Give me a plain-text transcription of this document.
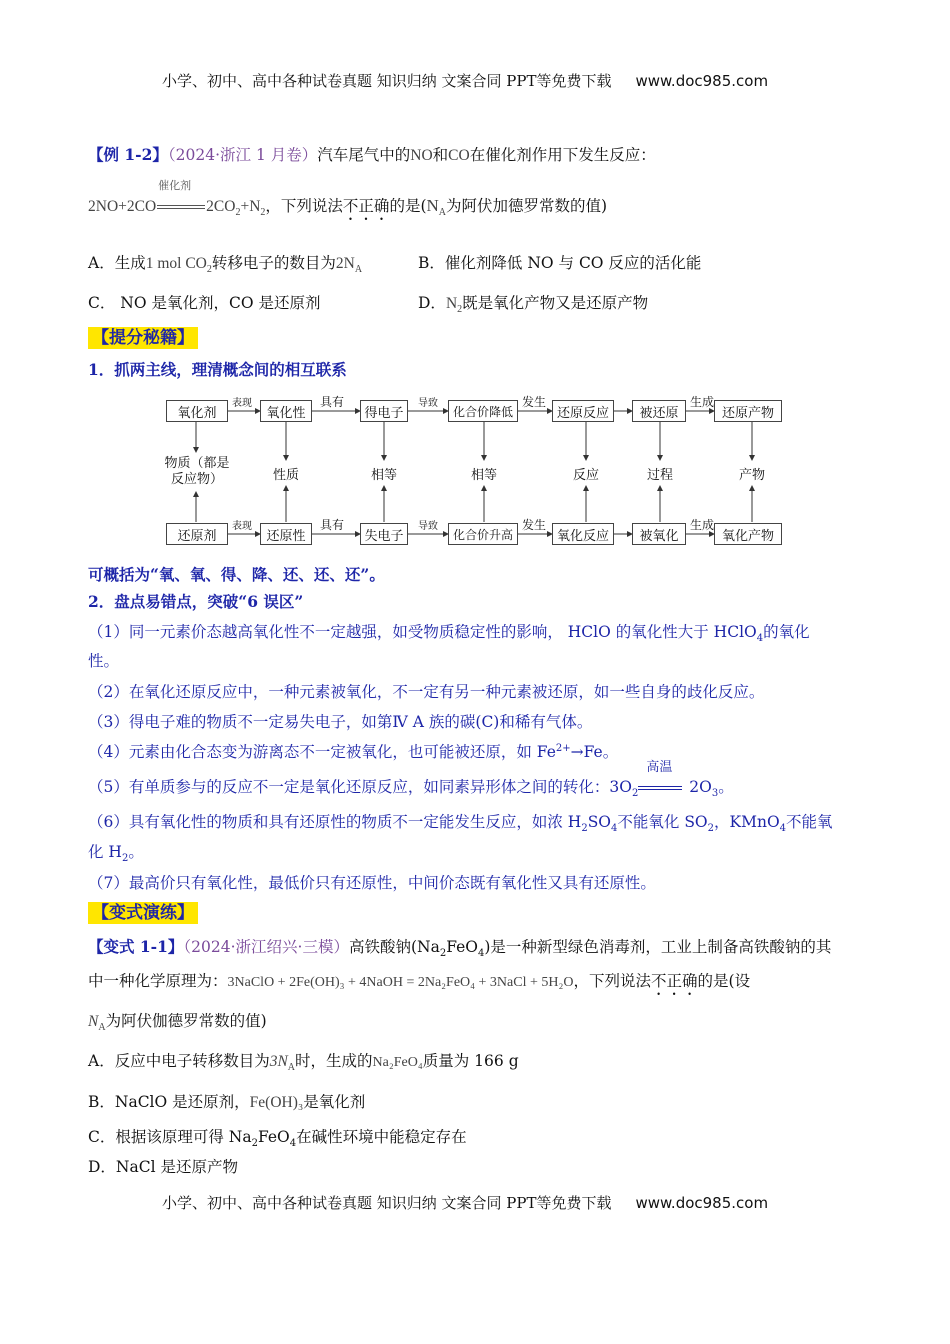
小学、初中、高中各种试卷真题 知识归纳 文案合同 PPT等免费下载 www.doc985.com
【例 1-2】（2024·浙江 1 月卷）汽车尾气中的NO和CO在催化剂作用下发生反应：
2NO+2CO
催化剂
$2CO_2+N_2$，下列说法不正确的是($N_A$为阿伏加德罗常数的值)
A．生成1 mol $CO_2$转移电子的数目为$2N_A$	B．催化剂降低 NO 与 CO 反应的活化能
C． NO 是氧化剂，CO 是还原剂	D．$N_2$既是氧化产物又是还原产物
【提分秘籍】
1．抓两主线，理清概念间的相互联系
氧化剂	氧化性	得电子	化合价降低	还原反应	被还原	还原产物
还原剂	还原性	失电子	化合价升高	氧化反应	被氧化	氧化产物
物质（都是反应物）	性质	相等	相等	反应	过程	产物
表现	具有	导致	发生	生成
表现	具有	导致	发生	生成
可概括为“氧、氧、得、降、还、还、还”。
2．盘点易错点，突破“6 误区”
（1）同一元素价态越高氧化性不一定越强，如受物质稳定性的影响， HClO 的氧化性大于 HClO$_4$的氧化
性。
（2）在氧化还原反应中，一种元素被氧化，不一定有另一种元素被还原，如一些自身的歧化反应。
（3）得电子难的物质不一定易失电子，如第Ⅳ A 族的碳(C)和稀有气体。
（4）元素由化合态变为游离态不一定被氧化，也可能被还原，如 $Fe^{2+}\to Fe$。
（5）有单质参与的反应不一定是氧化还原反应，如同素异形体之间的转化：$3O_2$
高温
$2O_3$。
（6）具有氧化性的物质和具有还原性的物质不一定能发生反应，如浓 $H_2SO_4$不能氧化 $SO_2$，KMnO$_4$不能氧
化 $H_2$。
（7）最高价只有氧化性，最低价只有还原性，中间价态既有氧化性又具有还原性。
【变式演练】
【变式 1-1】（2024·浙江绍兴·三模）高铁酸钠$(Na_2FeO_4)$是一种新型绿色消毒剂，工业上制备高铁酸钠的其
中一种化学原理为：3NaClO + 2Fe(OH)₃ + 4NaOH = 2Na₂FeO₄ + 3NaCl + 5H₂O，下列说法不正确的是(设
$N_A$为阿伏伽德罗常数的值)
A．反应中电子转移数目为$3N_A$时，生成的Na₂FeO₄质量为 166 g
B．NaClO 是还原剂，Fe(OH)₃是氧化剂
C．根据该原理可得 $Na_2FeO_4$在碱性环境中能稳定存在
D．NaCl 是还原产物
小学、初中、高中各种试卷真题 知识归纳 文案合同 PPT等免费下载 www.doc985.com
